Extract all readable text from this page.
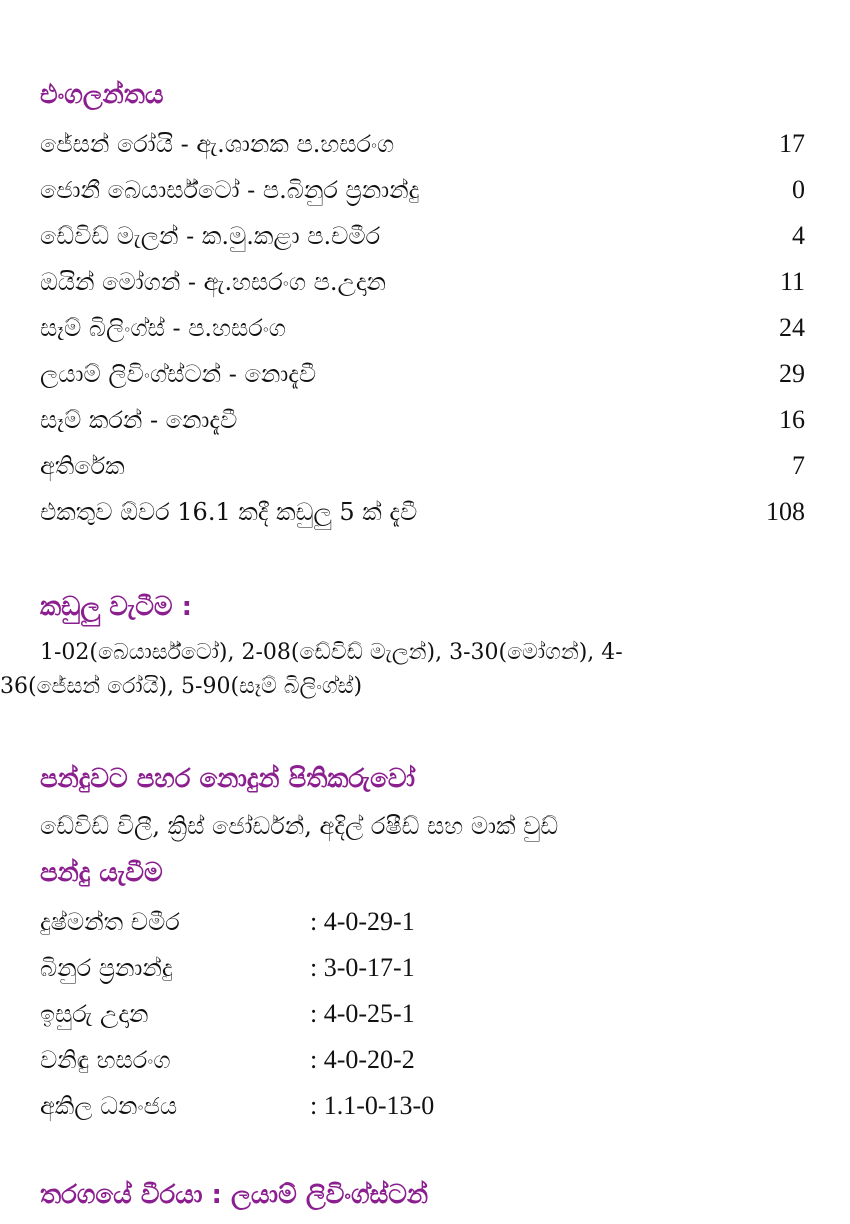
එංගලන්තය
ජේසන් රෝයි - ඇ.ශානක ප.හසරංග	17
ජොනී බෙයාර්ස්ටෝ - ප.බිනුර ප්‍රනාන්දු	0
ඩේවිඩ් මැලන් - ක.මු.කළා ප.චමීර	4
ඔයින් මෝගන් - ඇ.හසරංග ප.උදාන	11
සෑම් බිලිංග්ස් - ප.හසරංග	24
ලයාම් ලිවිංග්ස්ටන් - නොදැවී	29
සෑම් කරන් - නොදැවී	16
අතිරේක	7
එකතුව ඕවර 16.1 කදී කඩුලු 5 ක් දැවී	108
කඩුලු වැටීම :
1-02(බෙයාර්ස්ටෝ), 2-08(ඩේවිඩ් මැලන්), 3-30(මෝගන්), 4-
36(ජේසන් රෝයි), 5-90(සෑම් බිලිංග්ස්)
පන්දුවට පහර නොදුන් පිතිකරුවෝ
ඩේවිඩ් විලී, ක්‍රිස් ජෝර්ඩන්, අදිල් රෂීඩ් සහ මාක් වුඩ්
පන්දු යැවීම
දුෂ්මන්ත චමීර	: 4-0-29-1
බිනුර ප්‍රනාන්දු	: 3-0-17-1
ඉසුරු උදාන	: 4-0-25-1
වනිඳු හසරංග	: 4-0-20-2
අකිල ධනංජය	: 1.1-0-13-0
තරගයේ වීරයා : ලයාම් ලිවිංග්ස්ටන්
